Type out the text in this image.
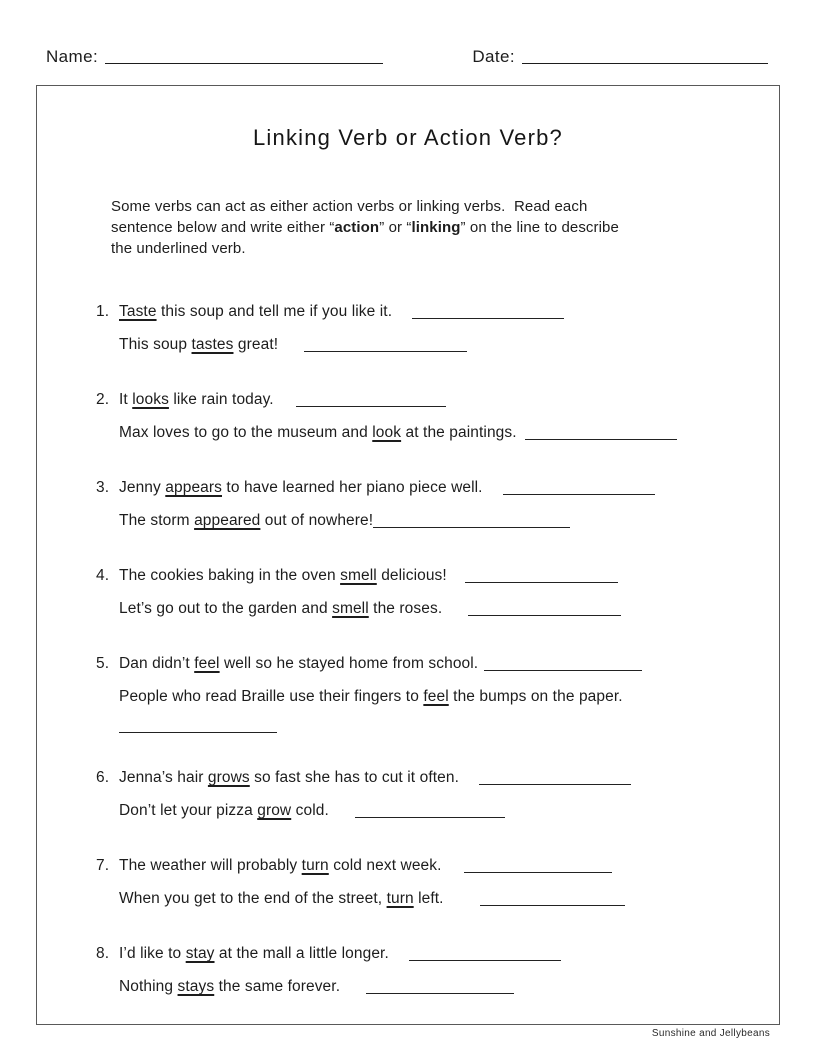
Name:	Date:
Linking Verb or Action Verb?
Some verbs can act as either action verbs or linking verbs.  Read each
sentence below and write either “action” or “linking” on the line to describe
the underlined verb.
1. Taste this soup and tell me if you like it.
This soup tastes great!
2. It looks like rain today.
Max loves to go to the museum and look at the paintings.
3. Jenny appears to have learned her piano piece well.
The storm appeared out of nowhere!
4. The cookies baking in the oven smell delicious!
Let’s go out to the garden and smell the roses.
5. Dan didn’t feel well so he stayed home from school.
People who read Braille use their fingers to feel the bumps on the paper.
6. Jenna’s hair grows so fast she has to cut it often.
Don’t let your pizza grow cold.
7. The weather will probably turn cold next week.
When you get to the end of the street, turn left.
8. I’d like to stay at the mall a little longer.
Nothing stays the same forever.
Sunshine and Jellybeans
